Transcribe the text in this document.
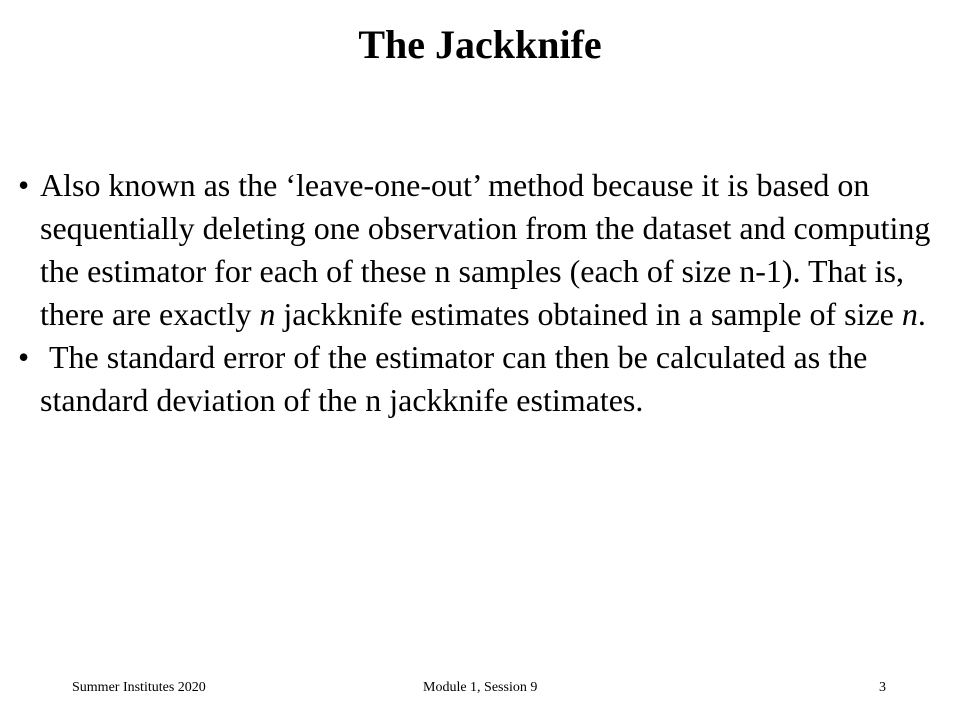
The Jackknife
• Also known as the ‘leave-one-out’ method because it is based on sequentially deleting one observation from the dataset and computing the estimator for each of these n samples (each of size n-1). That is, there are exactly n jackknife estimates obtained in a sample of size n.
• The standard error of the estimator can then be calculated as the standard deviation of the n jackknife estimates.
Summer Institutes 2020	Module 1, Session 9	3
